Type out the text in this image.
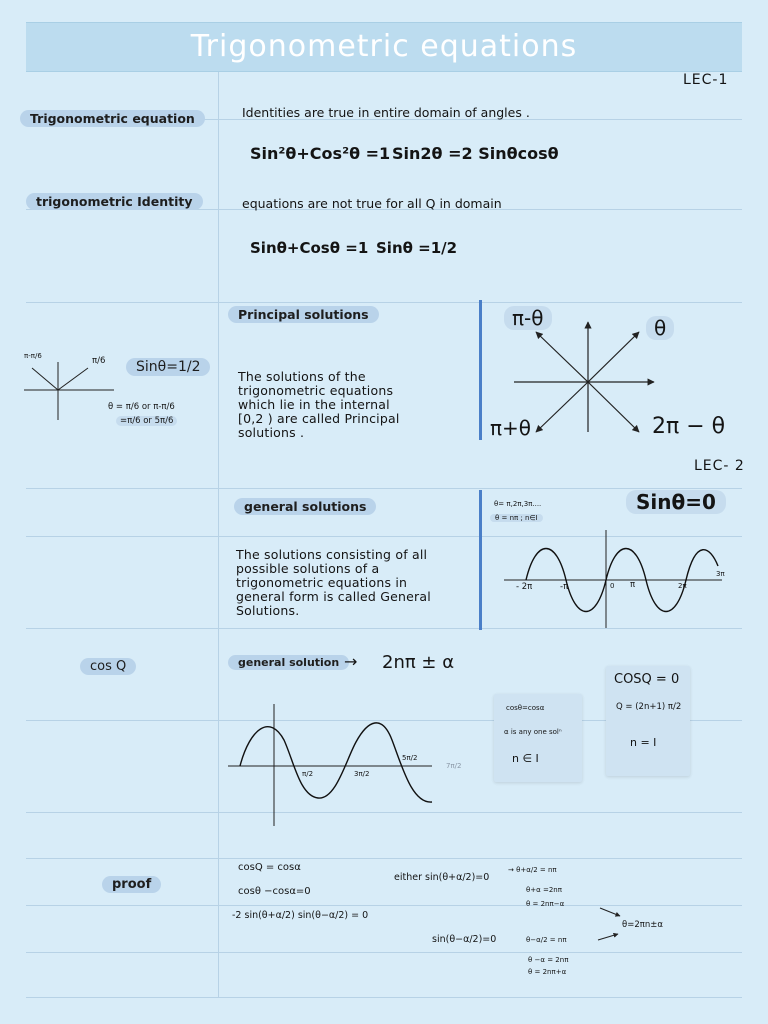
Trigonometric equations
LEC-1
Trigonometric equation	Identities are true in entire domain of angles .
Sin²θ+Cos²θ =1 Sin2θ =2 Sinθcosθ
trigonometric Identity	equations are not true for all Q in domain
Sinθ+Cosθ =1 Sinθ =1/2
Principal solutions
The solutions of the
trigonometric equations
which lie in the internal
[0,2 ) are called Principal
solutions .
π-π/6	π/6	Sinθ=1/2
θ = π/6 or π-π/6
=π/6 or 5π/6
π-θ	θ
π+θ	2π − θ
LEC- 2
general solutions
The solutions consisting of all
possible solutions of a
trigonometric equations in
general form is called General
Solutions.
θ= π,2π,3π....
θ = nπ ; n∈I
Sinθ=0
- 2π	-π	0 π	2π
3π
cos Q	general solution → 2nπ ± α
π/2	3π/2
5π/2
7π/2
cosθ=cosα
α is any one solⁿ
n ∈ I
COSQ = 0
Q = (2n+1) π/2
n = I
proof
cosQ = cosα
cosθ −cosα=0
-2 sin(θ+α/2) sin(θ−α/2) = 0
either sin(θ+α/2)=0
→ θ+α/2 = nπ
θ+α =2nπ
θ = 2nπ−α
sin(θ−α/2)=0	θ−α/2 = nπ
θ −α = 2nπ
θ = 2nπ+α
θ=2πn±α
